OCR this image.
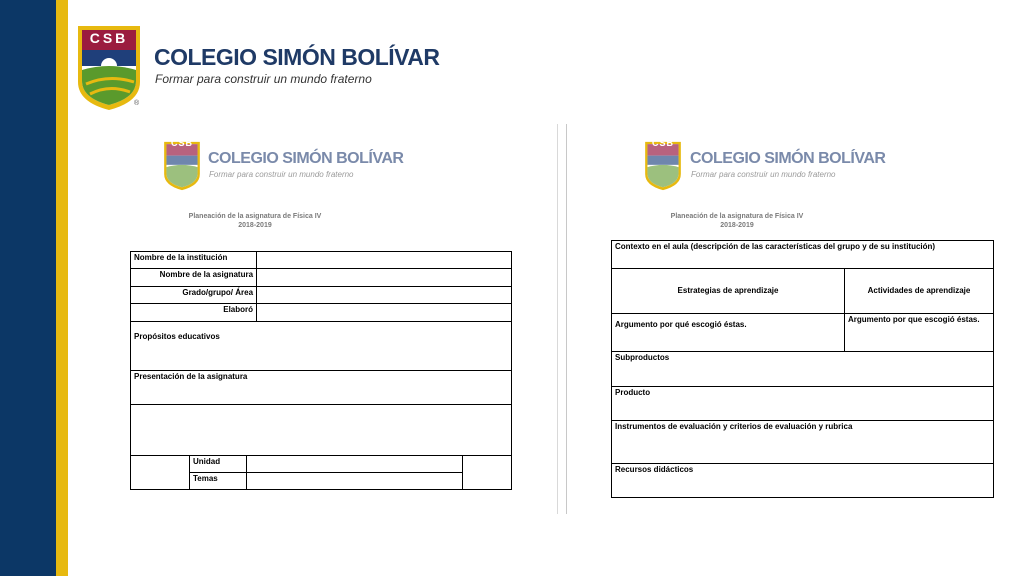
CSB
®
COLEGIO SIMÓN BOLÍVAR
Formar para construir un mundo fraterno
CSB
COLEGIO SIMÓN BOLÍVAR
Formar para construir un mundo fraterno
Planeación de la asignatura de Física IV
2018-2019
Nombre de la institución				
Nombre de la asignatura				
Grado/grupo/ Área				
Elaboró				
Propósitos educativos				
Presentación de la asignatura				

	Unidad			
	Temas			
CSB
COLEGIO SIMÓN BOLÍVAR
Formar para construir un mundo fraterno
Planeación de la asignatura de Física IV
2018-2019
Contexto en el aula (descripción de las características del grupo y de su institución)	
Estrategias de aprendizaje	Actividades de aprendizaje

Argumento por qué escogió éstas.	Argumento por que escogió éstas.

Subproductos	
Producto	
Instrumentos de evaluación y criterios de evaluación y rubrica	
Recursos didácticos	
